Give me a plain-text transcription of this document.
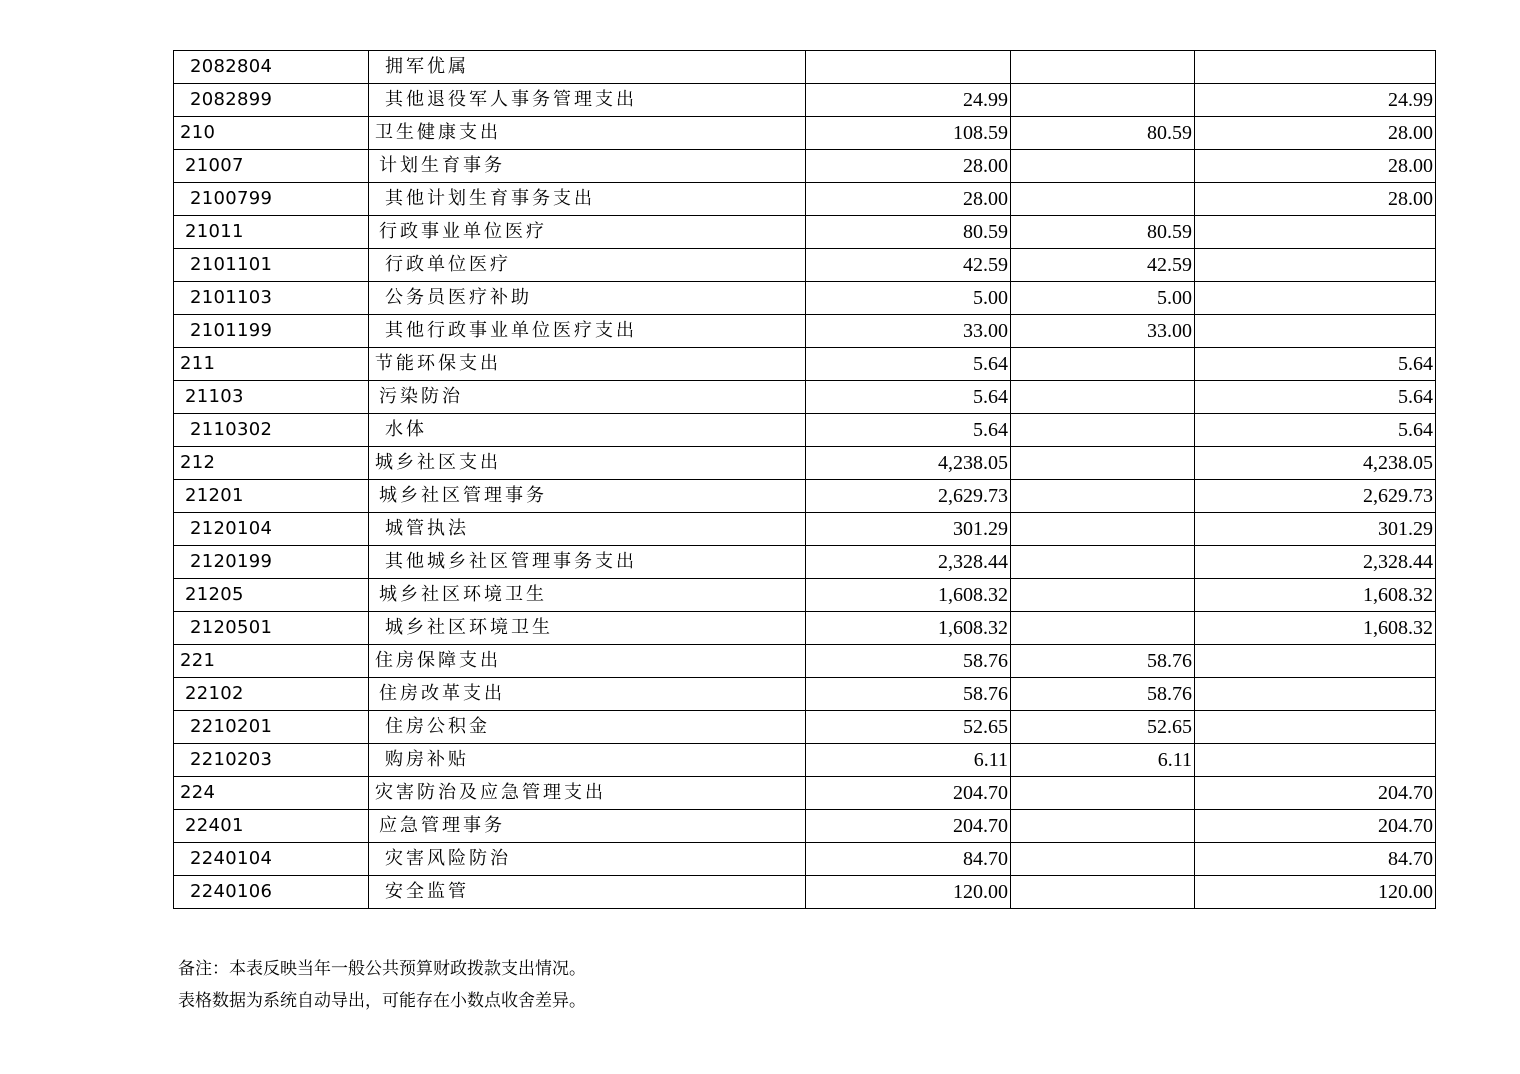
2082804	拥军优属			
2082899	其他退役军人事务管理支出	24.99		24.99
210	卫生健康支出	108.59	80.59	28.00
21007	计划生育事务	28.00		28.00
2100799	其他计划生育事务支出	28.00		28.00
21011	行政事业单位医疗	80.59	80.59	
2101101	行政单位医疗	42.59	42.59	
2101103	公务员医疗补助	5.00	5.00	
2101199	其他行政事业单位医疗支出	33.00	33.00	
211	节能环保支出	5.64		5.64
21103	污染防治	5.64		5.64
2110302	水体	5.64		5.64
212	城乡社区支出	4,238.05		4,238.05
21201	城乡社区管理事务	2,629.73		2,629.73
2120104	城管执法	301.29		301.29
2120199	其他城乡社区管理事务支出	2,328.44		2,328.44
21205	城乡社区环境卫生	1,608.32		1,608.32
2120501	城乡社区环境卫生	1,608.32		1,608.32
221	住房保障支出	58.76	58.76	
22102	住房改革支出	58.76	58.76	
2210201	住房公积金	52.65	52.65	
2210203	购房补贴	6.11	6.11	
224	灾害防治及应急管理支出	204.70		204.70
22401	应急管理事务	204.70		204.70
2240104	灾害风险防治	84.70		84.70
2240106	安全监管	120.00		120.00
备注：本表反映当年一般公共预算财政拨款支出情况。
表格数据为系统自动导出，可能存在小数点收舍差异。
